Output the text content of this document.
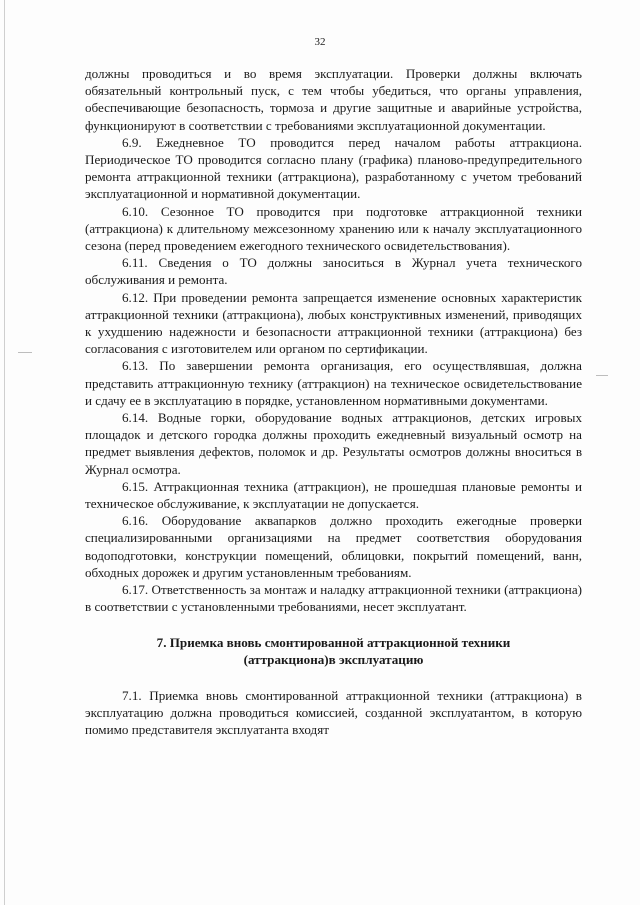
32

должны проводиться и во время эксплуатации. Проверки должны включать обязательный контрольный пуск, с тем чтобы убедиться, что органы управления, обеспечивающие безопасность, тормоза и другие защитные и аварийные устройства, функционируют в соответствии с требованиями эксплуатационной документации.

6.9. Ежедневное ТО проводится перед началом работы аттракциона. Периодическое ТО проводится согласно плану (графика) планово-предупредительного ремонта аттракционной техники (аттракциона), разработанному с учетом требований эксплуатационной и нормативной документации.

6.10. Сезонное ТО проводится при подготовке аттракционной техники (аттракциона) к длительному межсезонному хранению или к началу эксплуатационного сезона (перед проведением ежегодного технического освидетельствования).

6.11. Сведения о ТО должны заноситься в Журнал учета технического обслуживания и ремонта.

6.12. При проведении ремонта запрещается изменение основных характеристик аттракционной техники (аттракциона), любых конструктивных изменений, приводящих к ухудшению надежности и безопасности аттракционной техники (аттракциона) без согласования с изготовителем или органом по сертификации.

6.13. По завершении ремонта организация, его осуществлявшая, должна представить аттракционную технику (аттракцион) на техническое освидетельствование и сдачу ее в эксплуатацию в порядке, установленном нормативными документами.

6.14. Водные горки, оборудование водных аттракционов, детских игровых площадок и детского городка должны проходить ежедневный визуальный осмотр на предмет выявления дефектов, поломок и др. Результаты осмотров должны вноситься в Журнал осмотра.

6.15. Аттракционная техника (аттракцион), не прошедшая плановые ремонты и техническое обслуживание, к эксплуатации не допускается.

6.16. Оборудование аквапарков должно проходить ежегодные проверки специализированными организациями на предмет соответствия оборудования водоподготовки, конструкции помещений, облицовки, покрытий помещений, ванн, обходных дорожек и другим установленным требованиям.

6.17. Ответственность за монтаж и наладку аттракционной техники (аттракциона) в соответствии с установленными требованиями, несет эксплуатант.

7. Приемка вновь смонтированной аттракционной техники
(аттракциона)в эксплуатацию

7.1. Приемка вновь смонтированной аттракционной техники (аттракциона) в эксплуатацию должна проводиться комиссией, созданной эксплуатантом, в которую помимо представителя эксплуатанта входят
